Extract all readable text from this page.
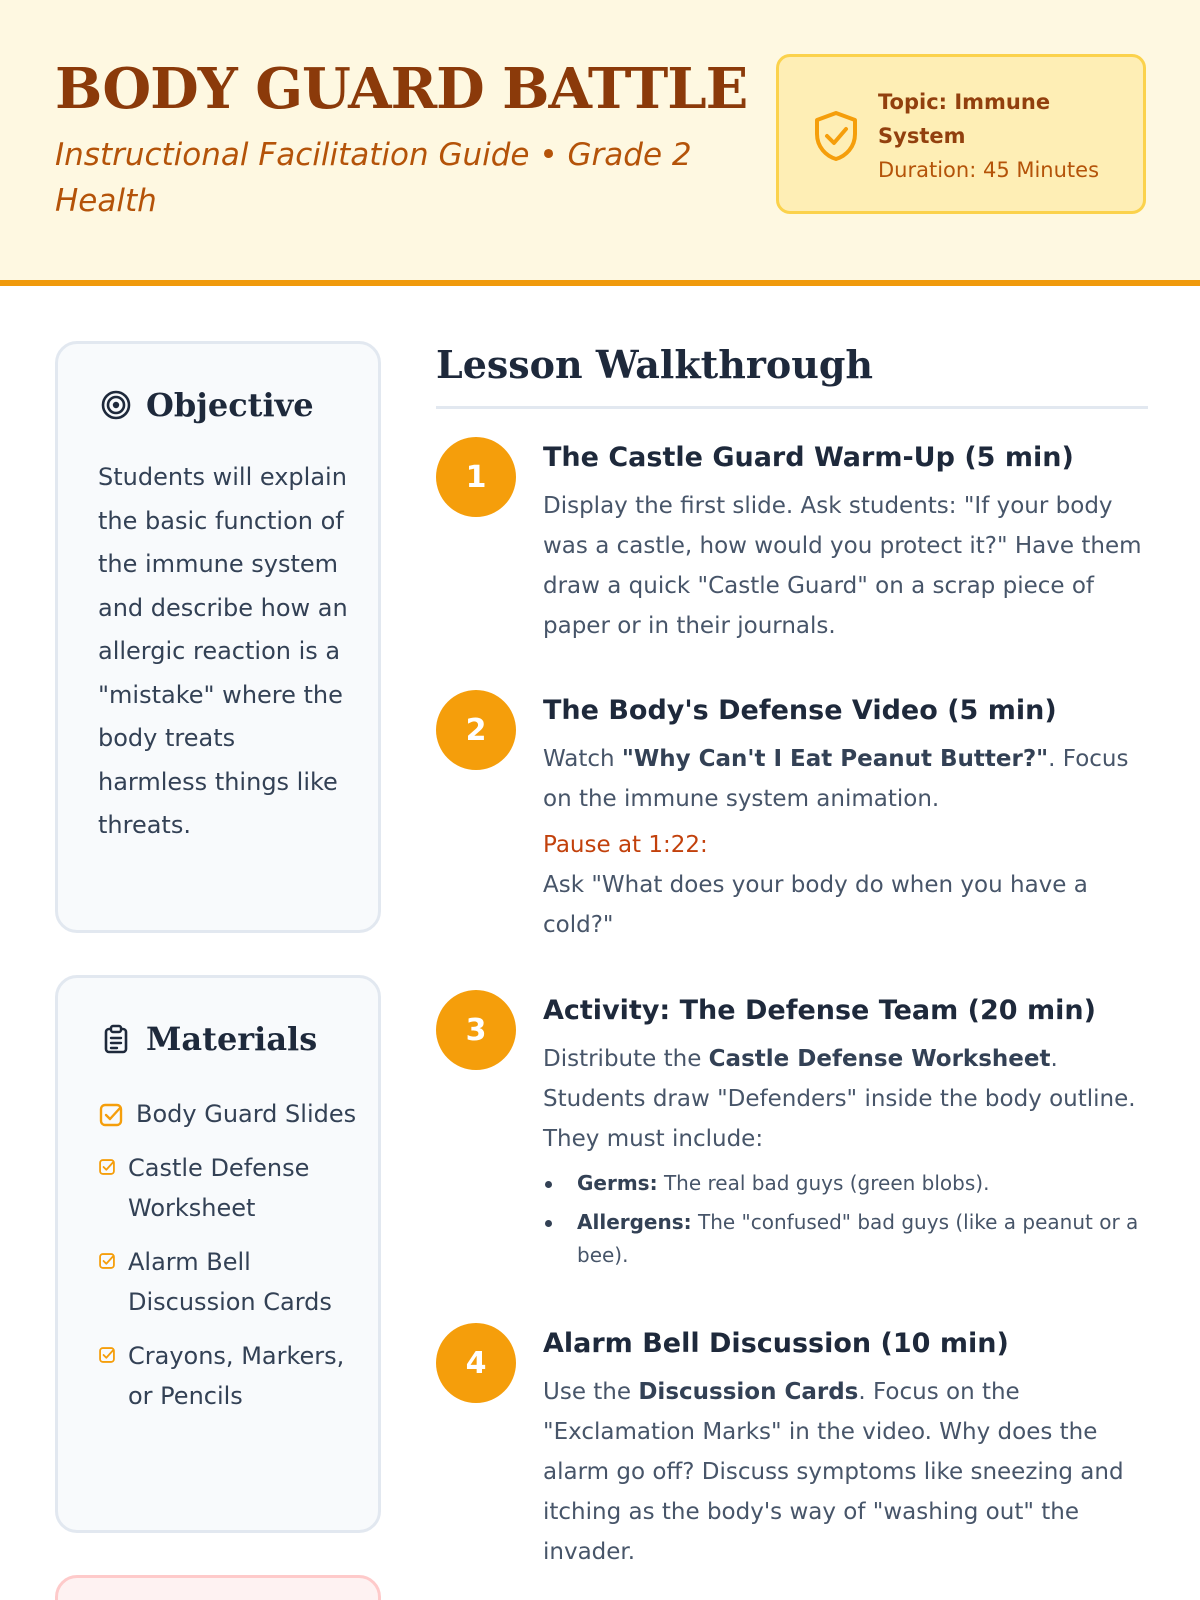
BODY GUARD BATTLE
Instructional Facilitation Guide • Grade 2 Health
Topic: Immune System
Duration: 45 Minutes
Objective

Students will explain the basic function of the immune system and describe how an allergic reaction is a "mistake" where the body treats harmless things like threats.

Materials
Body Guard Slides
Castle Defense Worksheet
Alarm Bell Discussion Cards
Crayons, Markers, or Pencils
Lesson Walkthrough
1
The Castle Guard Warm-Up (5 min)

Display the first slide. Ask students: "If your body was a castle, how would you protect it?" Have them draw a quick "Castle Guard" on a scrap piece of paper or in their journals.

2
The Body's Defense Video (5 min)

Watch "Why Can't I Eat Peanut Butter?". Focus on the immune system animation.

Pause at 1:22:

Ask "What does your body do when you have a cold?"

3
Activity: The Defense Team (20 min)

Distribute the Castle Defense Worksheet. Students draw "Defenders" inside the body outline. They must include:

Germs: The real bad guys (green blobs).
Allergens: The "confused" bad guys (like a peanut or a bee).
4
Alarm Bell Discussion (10 min)

Use the Discussion Cards. Focus on the "Exclamation Marks" in the video. Why does the alarm go off? Discuss symptoms like sneezing and itching as the body's way of "washing out" the invader.
